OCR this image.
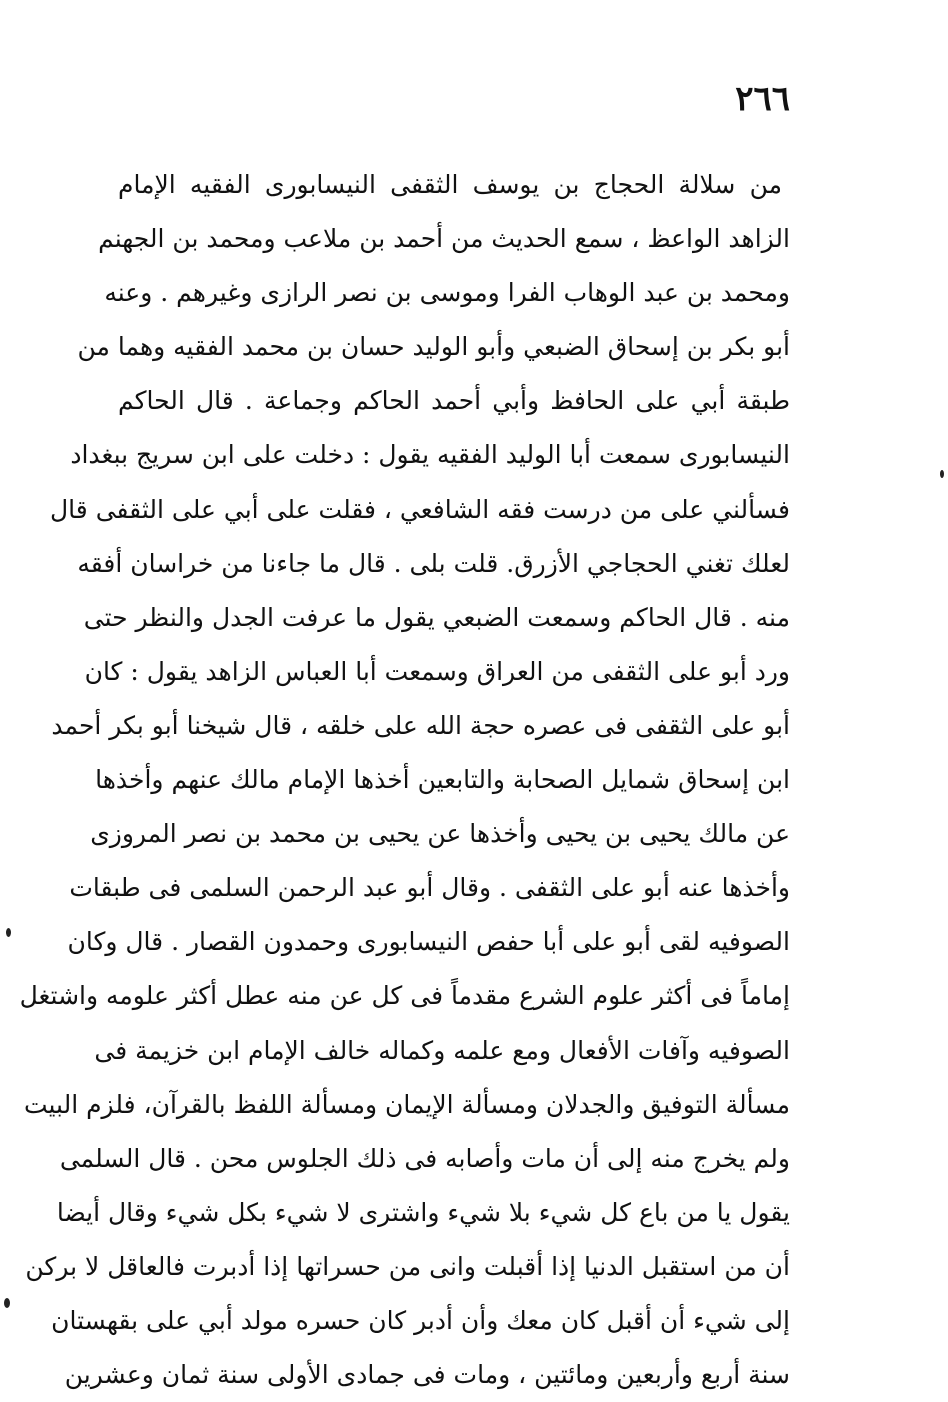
٢٦٦
من سلالة الحجاج بن يوسف الثقفى النيسابورى الفقيه الإمام
الزاهد الواعظ ، سمع الحديث من أحمد بن ملاعب ومحمد بن الجهنم
ومحمد بن عبد الوهاب الفرا وموسى بن نصر الرازى وغيرهم . وعنه
أبو بكر بن إسحاق الضبعي وأبو الوليد حسان بن محمد الفقيه وهما من
طبقة أبي على الحافظ وأبي أحمد الحاكم وجماعة . قال الحاكم
النيسابورى سمعت أبا الوليد الفقيه يقول : دخلت على ابن سريج ببغداد
فسألني على من درست فقه الشافعي ، فقلت على أبي على الثقفى قال
لعلك تغني الحجاجي الأزرق. قلت بلى . قال ما جاءنا من خراسان أفقه
منه . قال الحاكم وسمعت الضبعي يقول ما عرفت الجدل والنظر حتى
ورد أبو على الثقفى من العراق وسمعت أبا العباس الزاهد يقول : كان
أبو على الثقفى فى عصره حجة الله على خلقه ، قال شيخنا أبو بكر أحمد
ابن إسحاق شمايل الصحابة والتابعين أخذها الإمام مالك عنهم وأخذها
عن مالك يحيى بن يحيى وأخذها عن يحيى بن محمد بن نصر المروزى
وأخذها عنه أبو على الثقفى . وقال أبو عبد الرحمن السلمى فى طبقات
الصوفيه لقى أبو على أبا حفص النيسابورى وحمدون القصار . قال وكان
إماماً فى أكثر علوم الشرع مقدماً فى كل عن منه عطل أكثر علومه واشتغل
الصوفيه وآفات الأفعال ومع علمه وكماله خالف الإمام ابن خزيمة فى
مسألة التوفيق والجدلان ومسألة الإيمان ومسألة اللفظ بالقرآن، فلزم البيت
ولم يخرج منه إلى أن مات وأصابه فى ذلك الجلوس محن . قال السلمى
يقول يا من باع كل شيء بلا شيء واشترى لا شيء بكل شيء وقال أيضا
أن من استقبل الدنيا إذا أقبلت وانى من حسراتها إذا أدبرت فالعاقل لا بركن
إلى شيء أن أقبل كان معك وأن أدبر كان حسره مولد أبي على بقهستان
سنة أربع وأربعين ومائتين ، ومات فى جمادى الأولى سنة ثمان وعشرين
